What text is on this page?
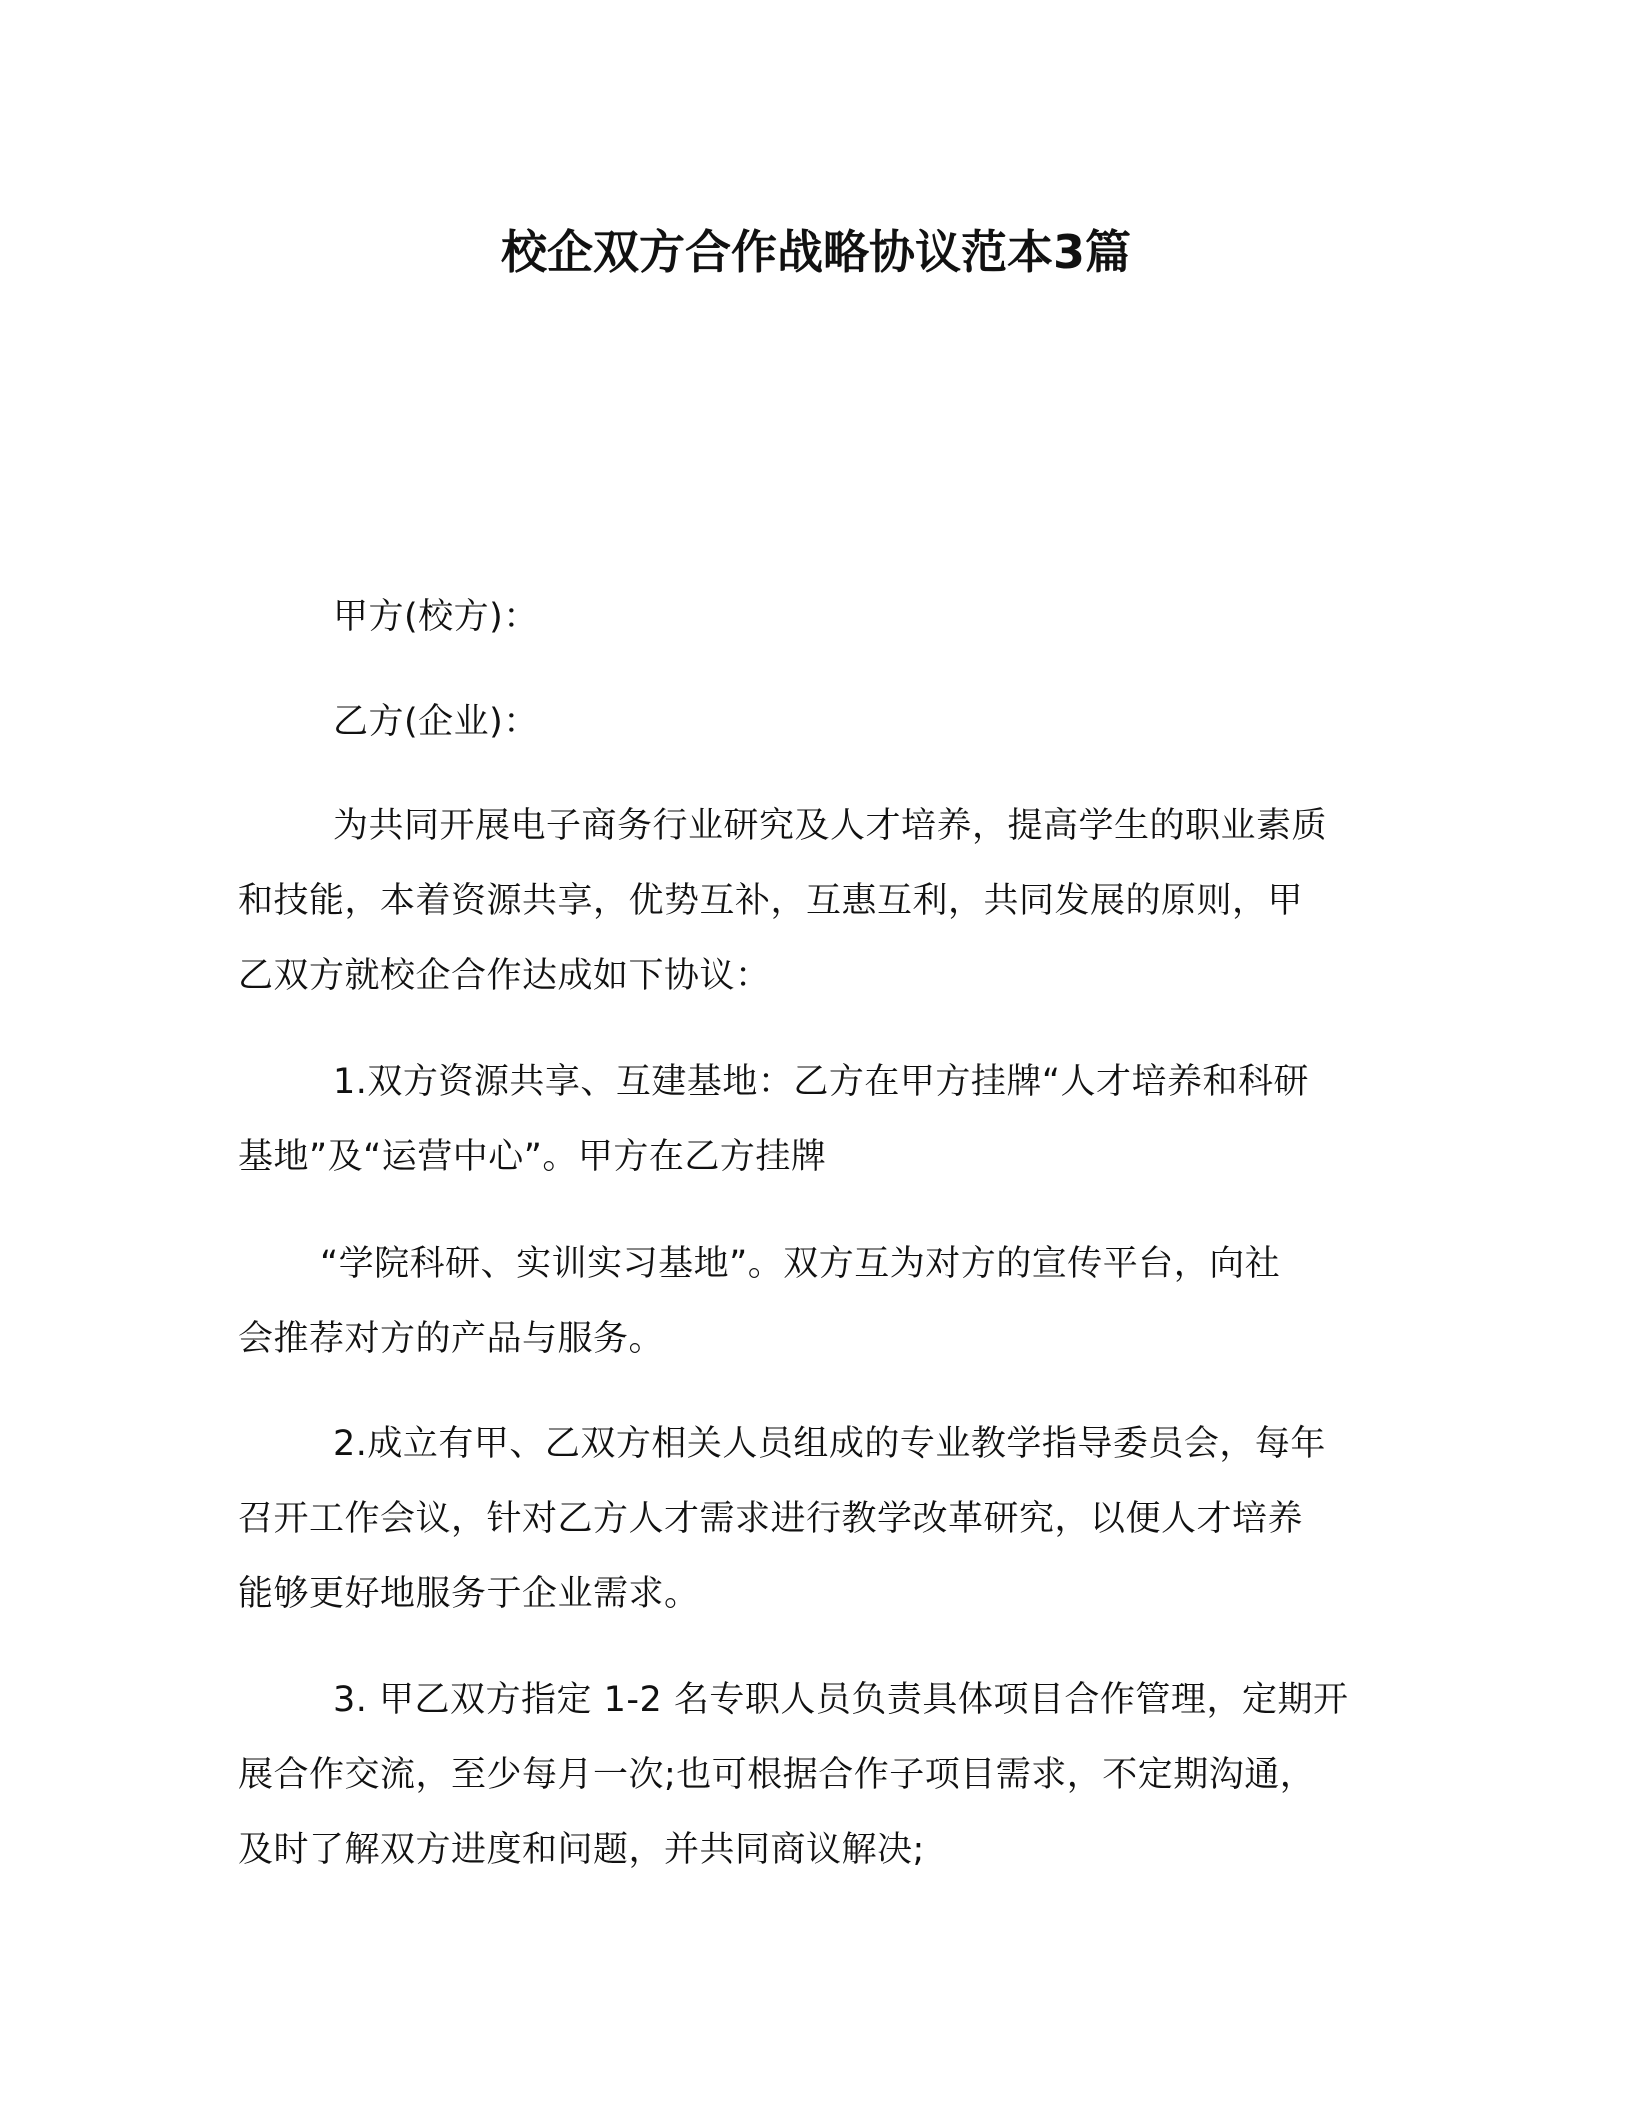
校企双方合作战略协议范本3篇
甲方(校方)：
乙方(企业)：
为共同开展电子商务行业研究及人才培养，提高学生的职业素质
和技能，本着资源共享，优势互补，互惠互利，共同发展的原则，甲
乙双方就校企合作达成如下协议：
1.双方资源共享、互建基地：乙方在甲方挂牌“人才培养和科研
基地”及“运营中心”。甲方在乙方挂牌
“学院科研、实训实习基地”。双方互为对方的宣传平台，向社
会推荐对方的产品与服务。
2.成立有甲、乙双方相关人员组成的专业教学指导委员会，每年
召开工作会议，针对乙方人才需求进行教学改革研究，以便人才培养
能够更好地服务于企业需求。
3. 甲乙双方指定 1-2 名专职人员负责具体项目合作管理，定期开
展合作交流，至少每月一次;也可根据合作子项目需求，不定期沟通，
及时了解双方进度和问题，并共同商议解决;
